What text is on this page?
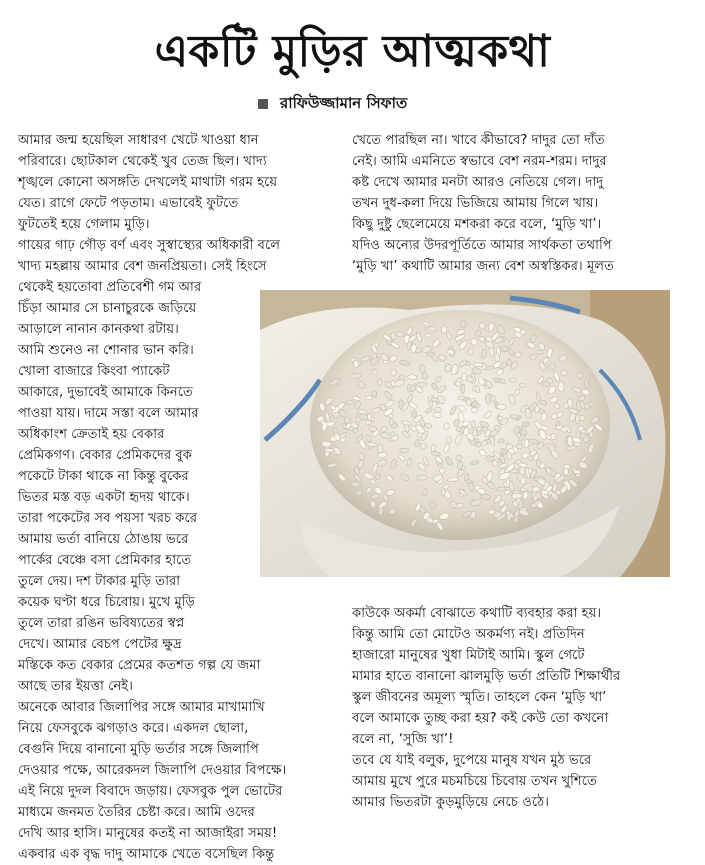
একটি মুড়ির আত্মকথা
রাফিউজ্জামান সিফাত
আমার জন্ম হয়েছিল সাধারণ খেটে খাওয়া ধান
পরিবারে। ছোটকাল থেকেই খুব তেজ ছিল। খাদ্য
শৃঙ্খলে কোনো অসঙ্গতি দেখলেই মাথাটা গরম হয়ে
যেত। রাগে ফেটে পড়তাম। এভাবেই ফুটতে
ফুটতেই হয়ে গেলাম মুড়ি।
গায়ের গাঢ় গৌড় বর্ণ এবং সুস্বাস্থ্যের অধিকারী বলে
খাদ্য মহল্লায় আমার বেশ জনপ্রিয়তা। সেই হিংসে
থেকেই হয়তোবা প্রতিবেশী গম আর
চিঁড়া আমার সে চানাচুরকে জড়িয়ে
আড়ালে নানান কানকথা রটায়।
আমি শুনেও না শোনার ভান করি।
খোলা বাজারে কিংবা প্যাকেট
আকারে, দুভাবেই আমাকে কিনতে
পাওয়া যায়। দামে সস্তা বলে আমার
অধিকাংশ ক্রেতাই হয় বেকার
প্রেমিকগণ। বেকার প্রেমিকদের বুক
পকেটে টাকা থাকে না কিন্তু বুকের
ভিতর মস্ত বড় একটা হৃদয় থাকে।
তারা পকেটের সব পয়সা খরচ করে
আমায় ভর্তা বানিয়ে ঠোঙায় ভরে
পার্কের বেঞ্চে বসা প্রেমিকার হাতে
তুলে দেয়। দশ টাকার মুড়ি তারা
কয়েক ঘণ্টা ধরে চিবোয়। মুখে মুড়ি
তুলে তারা রঙিন ভবিষ্যতের স্বপ্ন
দেখে। আমার বেচপ পেটের ক্ষুদ্র
মস্তিকে কত বেকার প্রেমের কতশত গল্প যে জমা
আছে তার ইয়ত্তা নেই।
অনেকে আবার জিলাপির সঙ্গে আমার মাখামাখি
নিয়ে ফেসবুকে ঝগড়াও করে। একদল ছোলা,
বেগুনি দিয়ে বানানো মুড়ি ভর্তার সঙ্গে জিলাপি
দেওয়ার পক্ষে, আরেকদল জিলাপি দেওয়ার বিপক্ষে।
এই নিয়ে দুদল বিবাদে জড়ায়। ফেসবুক পুল ভোটের
মাধ্যমে জনমত তৈরির চেষ্টা করে। আমি ওদের
দেখি আর হাসি। মানুষের কতই না আজাইরা সময়!
একবার এক বৃদ্ধ দাদু আমাকে খেতে বসেছিল কিন্তু
খেতে পারছিল না। খাবে কীভাবে? দাদুর তো দাঁত
নেই। আমি এমনিতে স্বভাবে বেশ নরম-শরম। দাদুর
কষ্ট দেখে আমার মনটা আরও নেতিয়ে গেল। দাদু
তখন দুধ-কলা দিয়ে ভিজিয়ে আমায় গিলে খায়।
কিছু দুষ্টু ছেলেমেয়ে মশকরা করে বলে, ‘মুড়ি খা’।
যদিও অন্যের উদরপূর্তিতে আমার সার্থকতা তথাপি
‘মুড়ি খা’ কথাটি আমার জন্য বেশ অস্বস্তিকর। মূলত
কাউকে অকর্মা বোঝাতে কথাটি ব্যবহার করা হয়।
কিন্তু আমি তো মোটেও অকর্মণ্য নই। প্রতিদিন
হাজারো মানুষের খুধা মিটাই আমি। স্কুল গেটে
মামার হাতে বানানো ঝালমুড়ি ভর্তা প্রতিটি শিক্ষার্থীর
স্কুল জীবনের অমূল্য স্মৃতি। তাহলে কেন ‘মুড়ি খা’
বলে আমাকে তুচ্ছ করা হয়? কই কেউ তো কখনো
বলে না, ‘সুজি খা’!
তবে যে যাই বলুক, দুপেয়ে মানুষ যখন মুঠ ভরে
আমায় মুখে পুরে মচমচিয়ে চিবোয় তখন খুশিতে
আমার ভিতরটা কুড়মুড়িয়ে নেচে ওঠে।
